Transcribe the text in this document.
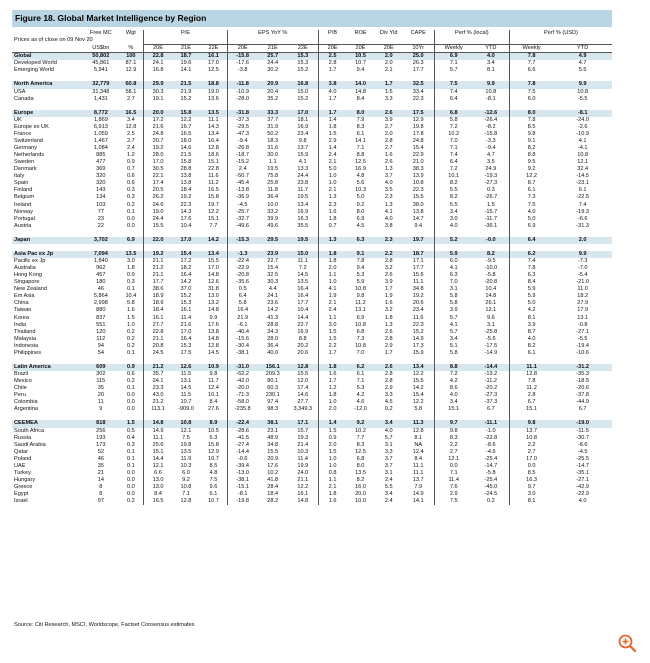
Figure 18. Global Market Intelligence by Region
	Free MC	Wgt	P/E			EPS YoY %			P/B	ROE	Div Yld	CAPE	Perf % (local)		Perf % (USD)	
Prices as of close on 09 Nov 20																
	US$bn	%	20E	21E	22E	20E	21E	22E	20E	20E	20E	10Yr	Weekly	YTD	Weekly	YTD
Global	50,802	100	22.8	18.7	16.1	-15.8	25.7	15.3	2.5	10.5	2.0	25.0	6.9	4.0	7.8	4.9
Developed World	45,861	87.1	24.1	19.6	17.0	-17.6	24.4	15.3	2.8	10.7	2.0	26.3	7.1	3.4	7.7	4.7
Emerging World	5,941	12.9	16.8	14.1	12.5	-3.8	30.2	15.2	1.7	9.4	2.1	17.7	5.7	8.1	6.6	5.5

North America	32,779	60.8	29.9	21.5	18.8	-11.8	20.9	16.8	3.8	14.0	1.7	32.5	7.5	9.9	7.8	9.9
USA	31,348	58.1	30.3	21.9	19.0	-10.9	20.4	15.0	4.0	14.8	1.5	33.4	7.4	10.8	7.5	10.8
Canada	1,431	2.7	19.1	15.2	13.6	-28.0	35.2	15.2	1.7	8.4	3.3	22.3	6.4	-8.1	6.0	-5.5

Europe	8,772	16.5	20.0	15.8	13.5	-31.8	33.3	17.0	1.7	8.0	2.6	17.5	6.8	-12.6	8.0	-8.1
UK	1,869	3.4	17.2	12.2	11.1	-37.3	37.7	18.1	1.4	7.9	3.9	12.9	5.8	-26.4	7.8	-24.0
Europe ex UK	6,913	12.8	21.6	16.7	14.3	-29.5	31.9	16.9	1.8	8.3	2.7	19.8	7.2	-8.2	8.5	-2.6
France	1,059	2.5	24.8	16.5	13.4	-47.3	50.2	23.4	1.5	6.1	2.0	17.8	10.2	-15.8	9.8	-10.9
Switzerland	1,467	2.7	20.7	18.0	16.4	-9.4	18.3	9.8	2.9	14.1	2.8	24.8	7.0	-3.3	9.1	4.1
Germany	1,084	2.4	19.2	14.6	12.8	-26.8	31.6	13.7	1.4	7.1	2.7	15.4	7.1	-9.4	8.2	-4.1
Netherlands	885	1.2	28.0	21.5	18.6	-18.7	30.0	15.9	2.4	8.8	1.6	22.9	7.4	4.7	8.8	10.8
Sweden	477	0.9	17.0	15.8	15.1	-15.2	1.1	4.1	2.1	12.5	2.6	21.0	6.4	3.5	9.5	12.1
Denmark	369	0.7	30.5	28.8	22.8	2.4	19.5	13.3	5.0	16.9	1.3	38.3	7.2	24.9	9.2	32.4
Italy	320	0.6	22.1	13.8	11.6	-50.7	75.8	24.4	1.0	4.8	3.7	13.9	10.1	-19.3	12.2	-14.5
Spain	320	0.6	17.4	13.8	11.2	-45.4	25.8	23.8	1.0	5.6	4.0	10.8	8.2	-27.3	8.7	-23.1
Finland	143	0.3	20.5	18.4	16.5	-13.8	11.8	11.7	2.1	10.3	3.5	22.3	5.5	0.3	6.1	6.1
Belgium	134	0.3	26.2	19.2	15.8	-36.9	36.4	19.5	1.3	5.0	2.3	15.5	8.2	-26.7	7.3	-22.5
Ireland	103	0.2	24.6	22.3	19.7	-4.5	10.0	13.4	2.3	9.2	1.3	38.0	5.5	1.5	7.5	7.4
Norway	77	0.1	19.0	14.3	12.2	-25.7	33.2	16.9	1.6	8.0	4.1	13.8	3.4	-15.7	4.0	-19.3
Portugal	23	0.0	24.4	17.6	15.1	-32.7	39.9	16.3	1.8	6.9	4.0	14.7	3.0	-11.7	5.0	-6.6
Austria	22	0.0	15.5	10.4	7.7	-49.6	49.6	35.5	0.7	4.5	3.8	9.4	4.0	-36.1	6.9	-31.3

Japan	3,702	6.9	22.0	17.0	14.2	-15.3	29.5	19.5	1.3	6.3	2.3	19.7	5.2	-0.0	6.4	2.0

Asia Pac ex Jp	7,094	13.5	19.2	15.4	13.4	-1.3	23.9	15.0	1.8	9.1	2.2	18.7	5.9	8.2	6.2	9.9
Pacific ex Jp	1,840	3.0	21.1	17.2	15.5	-22.4	22.7	11.1	1.8	7.8	2.8	17.1	6.0	-9.5	7.4	-7.3
Australia	962	1.8	21.2	18.2	17.0	-22.9	15.4	7.2	2.0	9.4	3.2	17.7	4.1	-10.0	7.8	-7.0
Hong Kong	457	0.9	21.1	16.4	14.8	-20.8	32.5	14.5	1.1	5.3	2.6	15.6	6.3	-5.8	6.3	-5.4
Singapore	180	0.3	17.7	14.2	12.6	-35.6	30.3	13.5	1.0	5.9	3.9	11.1	7.0	-20.8	8.4	-21.0
New Zealand	46	0.1	38.6	37.0	31.8	0.5	4.4	16.4	4.1	10.8	1.7	34.8	3.1	10.4	5.9	11.0
Em Asia	5,864	10.4	18.9	15.2	13.0	6.4	24.1	16.4	1.9	9.8	1.9	19.2	5.8	14.8	5.9	18.2
China	2,998	5.8	18.9	15.3	13.2	5.8	23.6	17.7	2.1	11.2	1.6	20.6	5.8	26.1	5.0	27.9
Taiwan	880	1.6	18.4	16.1	14.8	16.4	14.2	10.4	2.4	13.1	3.2	23.4	3.9	12.1	4.2	17.9
Korea	837	1.5	16.1	11.4	9.9	21.9	41.3	14.4	1.1	6.9	1.8	11.6	5.7	9.6	8.1	13.1
India	551	1.0	27.7	21.6	17.6	-6.1	28.8	22.7	3.0	10.8	1.3	22.3	4.1	3.1	3.9	-0.8
Thailand	120	0.2	22.8	17.0	13.8	-40.4	34.3	16.9	1.5	6.8	2.6	15.2	5.7	-25.8	8.7	-27.1
Malaysia	112	0.2	21.1	16.4	14.8	-15.6	28.0	8.8	1.5	7.3	2.8	14.9	3.4	-5.6	4.0	-5.5
Indonesia	94	0.2	20.8	15.3	12.8	-30.4	36.4	20.2	2.2	10.8	2.9	17.3	5.1	-17.5	8.2	-19.4
Philippines	54	0.1	24.5	17.5	14.5	-38.1	40.0	20.6	1.7	7.0	1.7	15.9	5.8	-14.9	6.1	-10.6

Latin America	609	0.9	21.2	12.6	10.9	-31.0	156.1	12.8	1.8	6.2	2.6	13.4	8.8	-14.4	11.1	-31.2
Brazil	302	0.6	35.7	11.5	9.8	-62.2	209.3	15.5	1.6	6.1	2.8	12.2	7.2	-13.2	12.8	-35.3
Mexico	115	0.2	24.1	13.1	11.7	-42.0	80.1	12.0	1.7	7.1	2.8	15.5	4.2	-11.2	7.8	-18.5
Chile	35	0.1	23.3	14.5	12.4	-20.0	60.3	17.4	1.2	5.3	2.9	14.2	8.6	-20.2	11.2	-20.6
Peru	20	0.0	43.0	11.5	10.1	-71.3	230.1	14.6	1.8	4.2	3.3	15.4	4.0	-27.3	2.8	-37.8
Colombia	11	0.0	21.2	10.7	8.4	-58.0	97.4	27.7	1.0	4.6	4.5	12.2	3.4	-37.3	6.7	-44.9
Argentina	9	0.0	113.1	-909.0	27.6	-235.8	98.3	3,349.3	2.0	-12.0	0.2	5.8	15.1	6.7	15.1	6.7

CEEMEA	818	1.5	14.8	10.8	8.9	-22.4	38.1	17.1	1.4	9.2	3.4	11.3	9.7	-11.1	9.8	-19.0
South Africa	256	0.5	14.9	12.1	10.5	-28.6	23.1	15.7	1.5	10.2	4.0	12.8	9.8	-1.0	13.7	-11.5
Russia	193	0.4	11.1	7.5	6.3	-41.5	48.9	19.3	0.9	7.7	5.7	8.1	8.3	-22.8	10.8	-30.7
Saudi Arabia	173	0.3	25.6	19.8	15.8	-27.4	34.8	21.4	2.0	8.3	3.1	NA	2.2	-8.6	2.2	-8.6
Qatar	52	0.1	15.1	13.5	12.9	-14.4	15.5	10.3	1.5	12.5	3.3	12.4	2.7	-4.6	2.7	-4.5
Poland	46	0.1	14.4	11.9	10.7	-0.6	20.9	11.4	1.0	6.8	3.7	8.4	12.1	-25.4	17.0	-25.5
UAE	35	0.1	12.1	10.3	8.5	-39.4	17.6	19.9	1.0	8.0	3.7	11.1	0.0	-14.7	0.0	-14.7
Turkey	21	0.0	6.6	6.0	4.8	-13.0	10.2	24.0	0.8	13.5	3.1	11.1	7.1	-5.8	8.5	-35.1
Hungary	14	0.0	13.0	9.2	7.5	-38.1	41.8	21.1	1.1	8.2	2.4	13.7	11.4	-25.4	16.3	-27.1
Greece	8	0.0	13.0	10.8	9.6	-15.1	28.4	12.2	2.1	16.0	5.5	7.9	7.6	-45.0	9.7	-42.9
Egypt	8	0.0	8.4	7.1	6.1	-8.1	18.4	16.1	1.8	20.0	3.4	14.9	2.9	-24.5	3.0	-22.9
Israel	97	0.2	16.5	12.8	10.7	-19.8	28.2	14.8	1.6	10.0	2.4	14.1	7.5	0.2	8.1	4.0
Source: Citi Research, MSCI, Worldscope, Factset Consensus estimates
